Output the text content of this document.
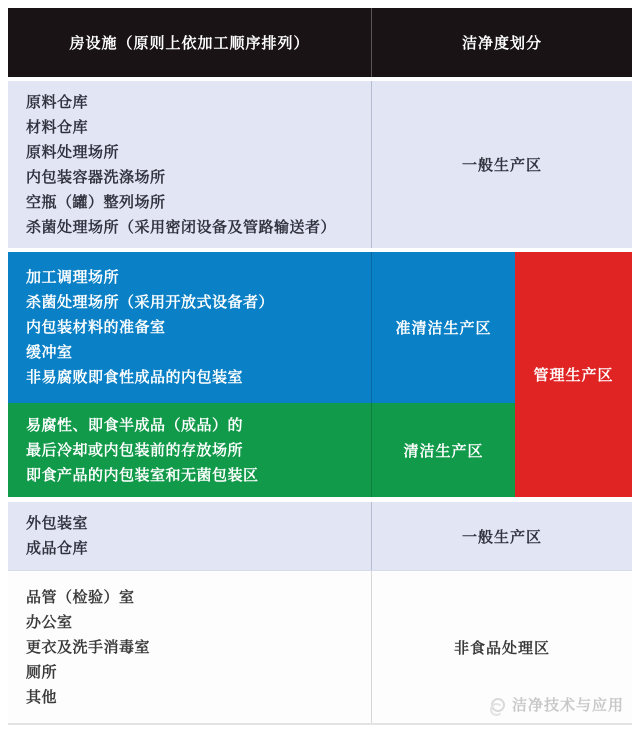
房设施（原则上依加工顺序排列）	洁净度划分
原料仓库
材料仓库
原料处理场所
内包装容器洗涤场所
空瓶（罐）整列场所
杀菌处理场所（采用密闭设备及管路输送者）
一般生产区
加工调理场所
杀菌处理场所（采用开放式设备者）
内包装材料的准备室
缓冲室
非易腐败即食性成品的内包装室
易腐性、即食半成品（成品）的
最后冷却或内包装前的存放场所
即食产品的内包装室和无菌包装区
准清洁生产区
清洁生产区
管理生产区
外包装室
成品仓库
一般生产区
品管（检验）室
办公室
更衣及洗手消毒室
厕所
其他
非食品处理区
洁净技术与应用
